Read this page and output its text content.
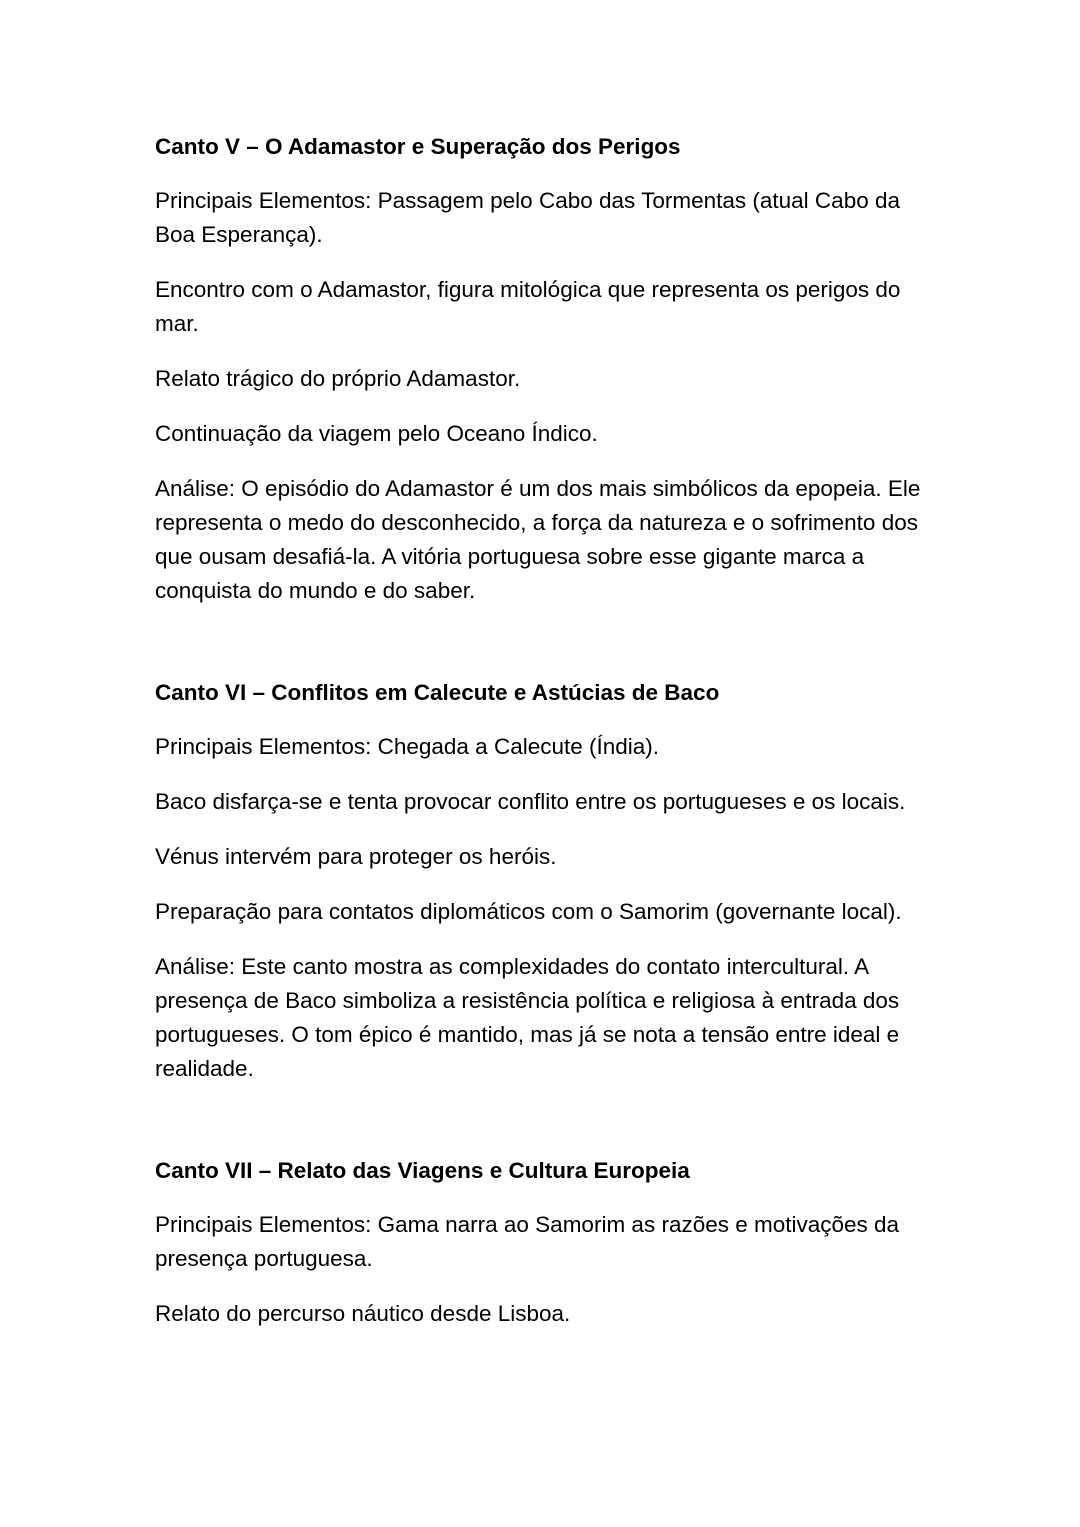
Canto V – O Adamastor e Superação dos Perigos

Principais Elementos: Passagem pelo Cabo das Tormentas (atual Cabo da Boa Esperança).

Encontro com o Adamastor, figura mitológica que representa os perigos do mar.

Relato trágico do próprio Adamastor.

Continuação da viagem pelo Oceano Índico.

Análise: O episódio do Adamastor é um dos mais simbólicos da epopeia. Ele representa o medo do desconhecido, a força da natureza e o sofrimento dos que ousam desafiá-la. A vitória portuguesa sobre esse gigante marca a conquista do mundo e do saber.

Canto VI – Conflitos em Calecute e Astúcias de Baco

Principais Elementos: Chegada a Calecute (Índia).

Baco disfarça-se e tenta provocar conflito entre os portugueses e os locais.

Vénus intervém para proteger os heróis.

Preparação para contatos diplomáticos com o Samorim (governante local).

Análise: Este canto mostra as complexidades do contato intercultural. A presença de Baco simboliza a resistência política e religiosa à entrada dos portugueses. O tom épico é mantido, mas já se nota a tensão entre ideal e realidade.

Canto VII – Relato das Viagens e Cultura Europeia

Principais Elementos: Gama narra ao Samorim as razões e motivações da presença portuguesa.

Relato do percurso náutico desde Lisboa.
